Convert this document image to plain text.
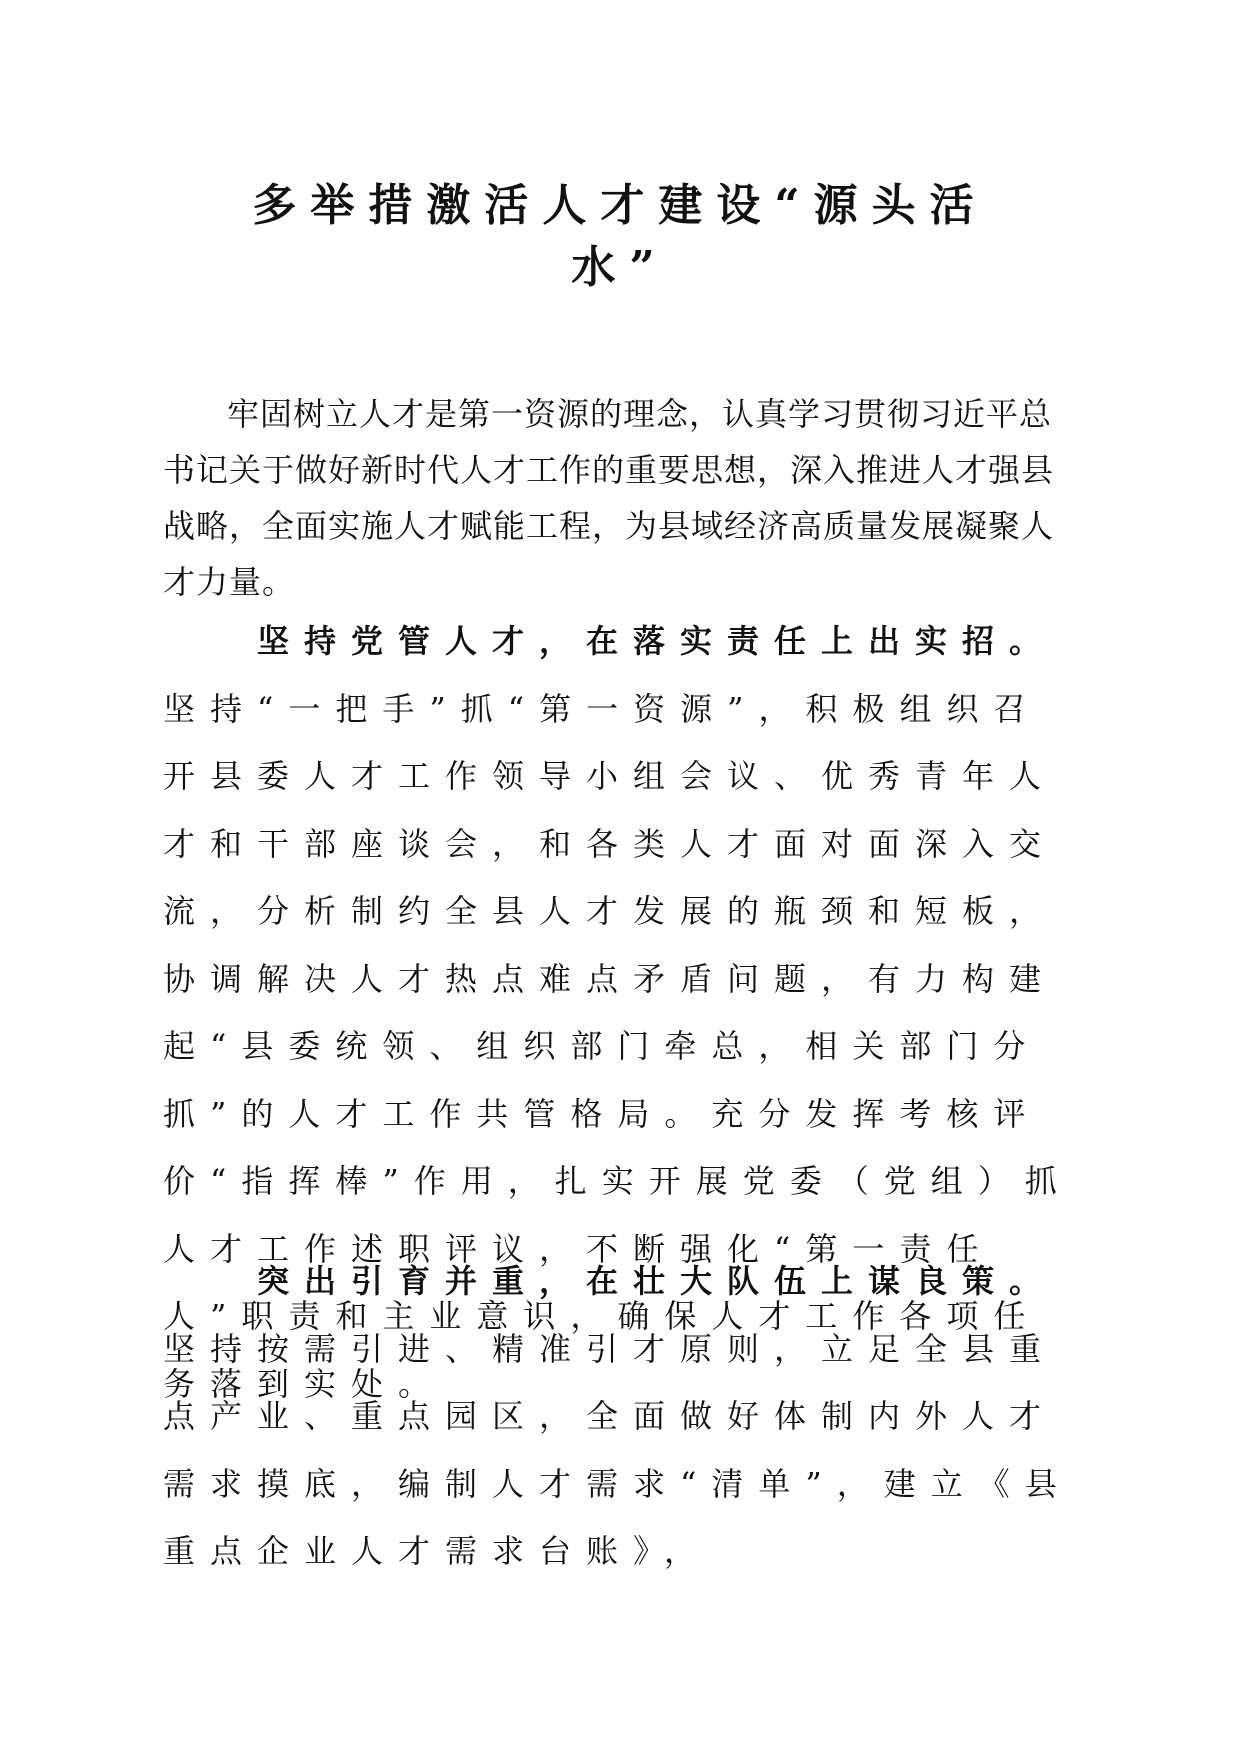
多举措激活人才建设“源头活
水”

牢固树立人才是第一资源的理念，认真学习贯彻习近平总书记关于做好新时代人才工作的重要思想，深入推进人才强县战略，全面实施人才赋能工程，为县域经济高质量发展凝聚人才力量。

坚持党管人才，在落实责任上出实招。坚持“一把手”抓“第一资源”，积极组织召开县委人才工作领导小组会议、优秀青年人才和干部座谈会，和各类人才面对面深入交流，分析制约全县人才发展的瓶颈和短板，协调解决人才热点难点矛盾问题，有力构建起“县委统领、组织部门牵总，相关部门分抓”的人才工作共管格局。充分发挥考核评价“指挥棒”作用，扎实开展党委（党组）抓人才工作述职评议，不断强化“第一责任人”职责和主业意识，确保人才工作各项任务落到实处。

突出引育并重，在壮大队伍上谋良策。坚持按需引进、精准引才原则，立足全县重点产业、重点园区，全面做好体制内外人才需求摸底，编制人才需求“清单”，建立《县重点企业人才需求台账》，
